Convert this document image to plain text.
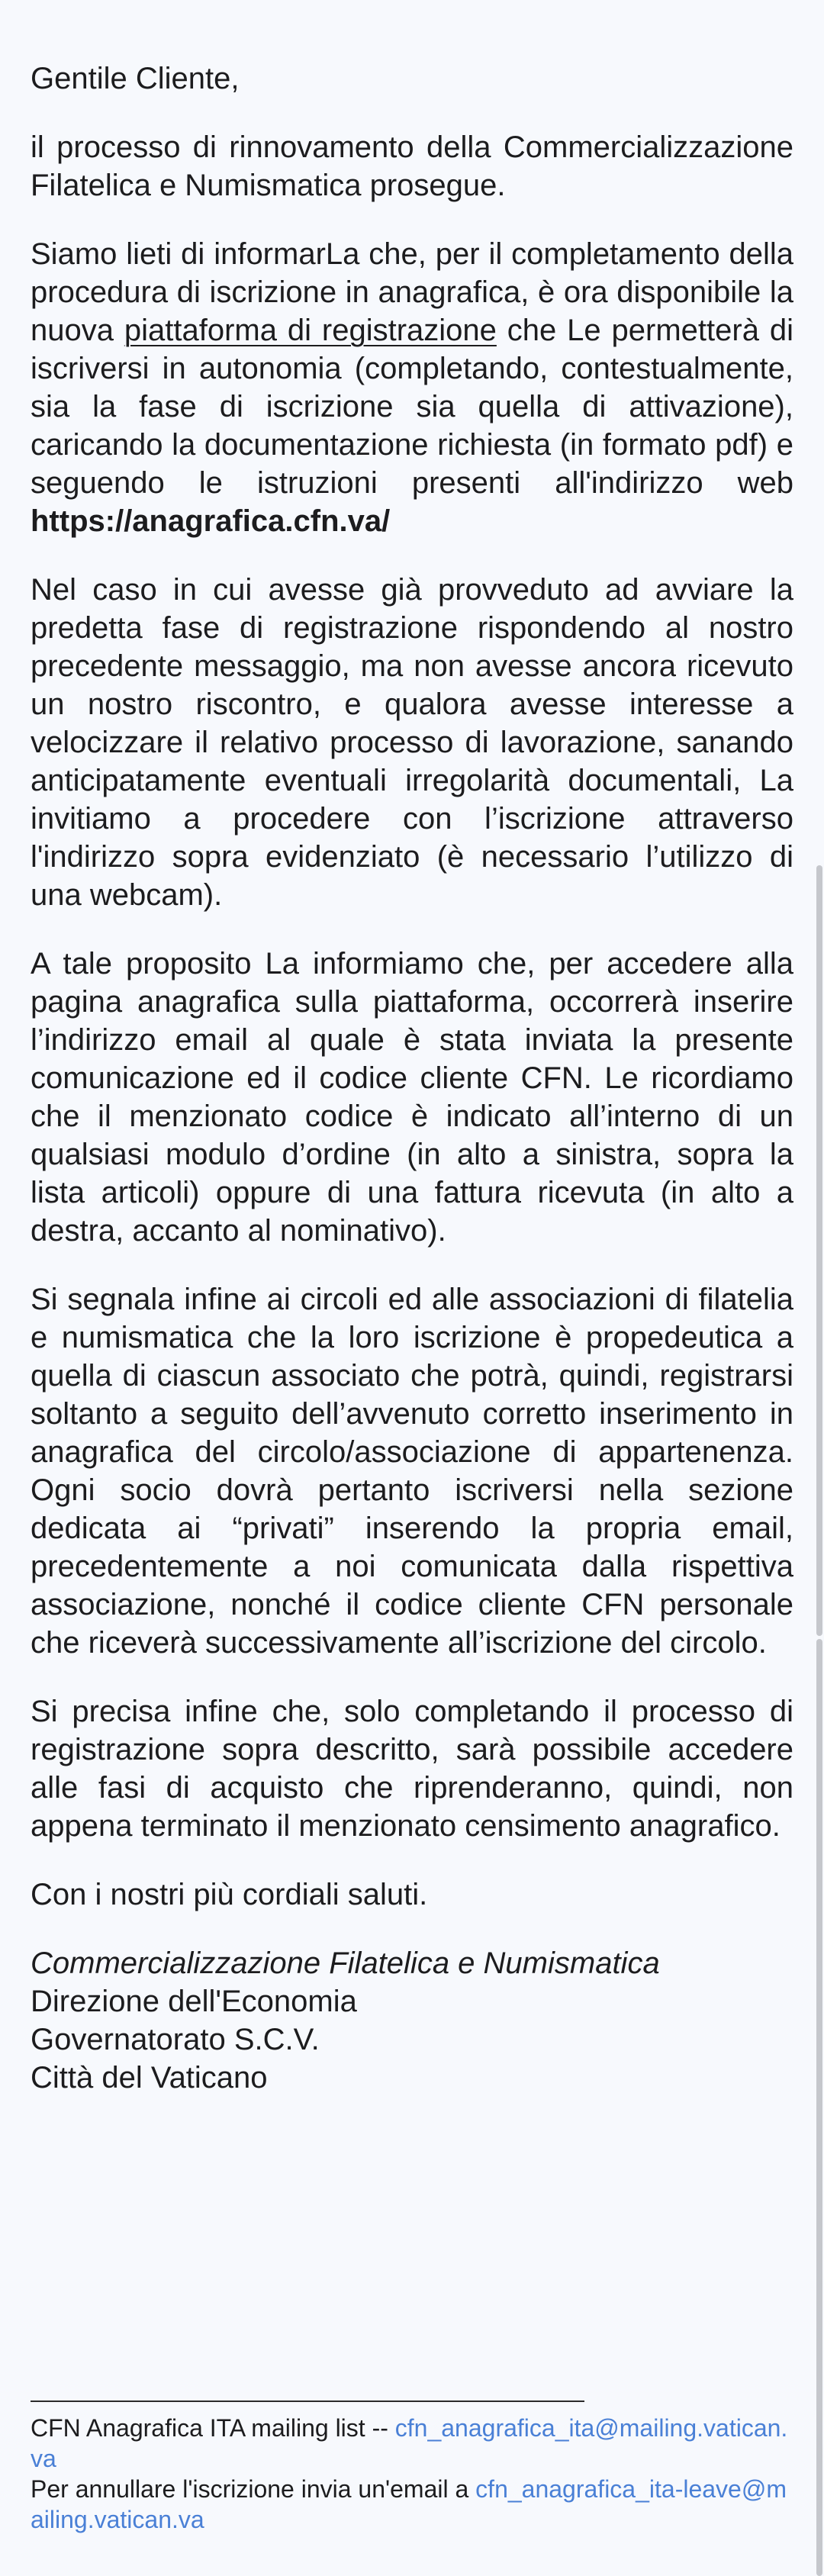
Gentile Cliente,

il processo di rinnovamento della Commercializzazione Filatelica e Numismatica prosegue.

Siamo lieti di informarLa che, per il completamento della procedura di iscrizione in anagrafica, è ora disponibile la nuova piattaforma di registrazione che Le permetterà di iscriversi in autonomia (completando, contestualmente, sia la fase di iscrizione sia quella di attivazione), caricando la documentazione richiesta (in formato pdf) e seguendo le istruzioni presenti all'indirizzo web https://anagrafica.cfn.va/

Nel caso in cui avesse già provveduto ad avviare la predetta fase di registrazione rispondendo al nostro precedente messaggio, ma non avesse ancora ricevuto un nostro riscontro, e qualora avesse interesse a velocizzare il relativo processo di lavorazione, sanando anticipatamente eventuali irregolarità documentali, La invitiamo a procedere con l’iscrizione attraverso l'indirizzo sopra evidenziato (è necessario l’utilizzo di una webcam).

A tale proposito La informiamo che, per accedere alla pagina anagrafica sulla piattaforma, occorrerà inserire l’indirizzo email al quale è stata inviata la presente comunicazione ed il codice cliente CFN. Le ricordiamo che il menzionato codice è indicato all’interno di un qualsiasi modulo d’ordine (in alto a sinistra, sopra la lista articoli) oppure di una fattura ricevuta (in alto a destra, accanto al nominativo).

Si segnala infine ai circoli ed alle associazioni di filatelia e numismatica che la loro iscrizione è propedeutica a quella di ciascun associato che potrà, quindi, registrarsi soltanto a seguito dell’avvenuto corretto inserimento in anagrafica del circolo/associazione di appartenenza. Ogni socio dovrà pertanto iscriversi nella sezione dedicata ai “privati” inserendo la propria email, precedentemente a noi comunicata dalla rispettiva associazione, nonché il codice cliente CFN personale che riceverà successivamente all’iscrizione del circolo.

Si precisa infine che, solo completando il processo di registrazione sopra descritto, sarà possibile accedere alle fasi di acquisto che riprenderanno, quindi, non appena terminato il menzionato censimento anagrafico.

Con i nostri più cordiali saluti.

Commercializzazione Filatelica e Numismatica
Direzione dell'Economia
Governatorato S.C.V.
Città del Vaticano
CFN Anagrafica ITA mailing list -- cfn_anagrafica_ita@mailing.vatican.va
Per annullare l'iscrizione invia un'email a cfn_anagrafica_ita-leave@mailing.vatican.va
